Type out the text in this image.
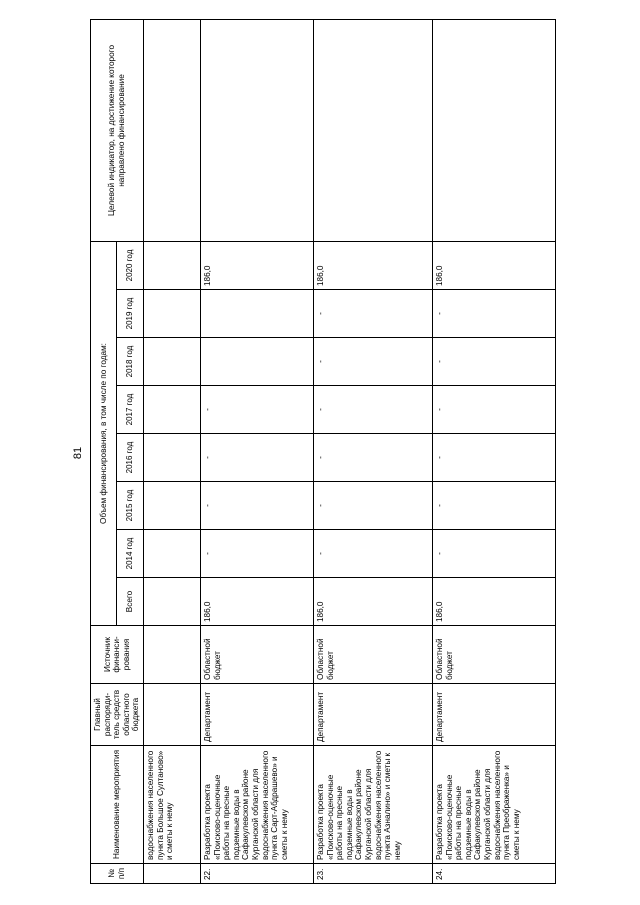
81
№ п/п	Наименование мероприятия	Главный распоряди-тель средств областного бюджета	Источник финанси-рования	Объем финансирования, в том числе по годам:								Целевой индикатор, на достижение которого направлено финансирование
				Всего	2014 год	2015 год	2016 год	2017 год	2018 год	2019 год	2020 год	
	водоснабжения населенного пункта Большое Султаново» и сметы к нему											
22.	Разработка проекта «Поисково-оценочные работы на пресные подземные воды в Сафакулевском районе Курганской области для водоснабжения населенного пункта Сарт-Абдрашево» и сметы к нему	Департамент	Областной бюджет	186,0	-	-	-	-			186,0	
23.	Разработка проекта «Поисково-оценочные работы на пресные подземные воды в Сафакулевском районе Курганской области для водоснабжения населенного пункта Азналино» и сметы к нему	Департамент	Областной бюджет	186,0	-	-	-	-	-	-	186,0	
24.	Разработка проекта «Поисково-оценочные работы на пресные подземные воды в Сафакулевском районе Курганской области для водоснабжения населенного пункта Преображенка» и сметы к нему	Департамент	Областной бюджет	186,0	-	-	-	-	-	-	186,0	
